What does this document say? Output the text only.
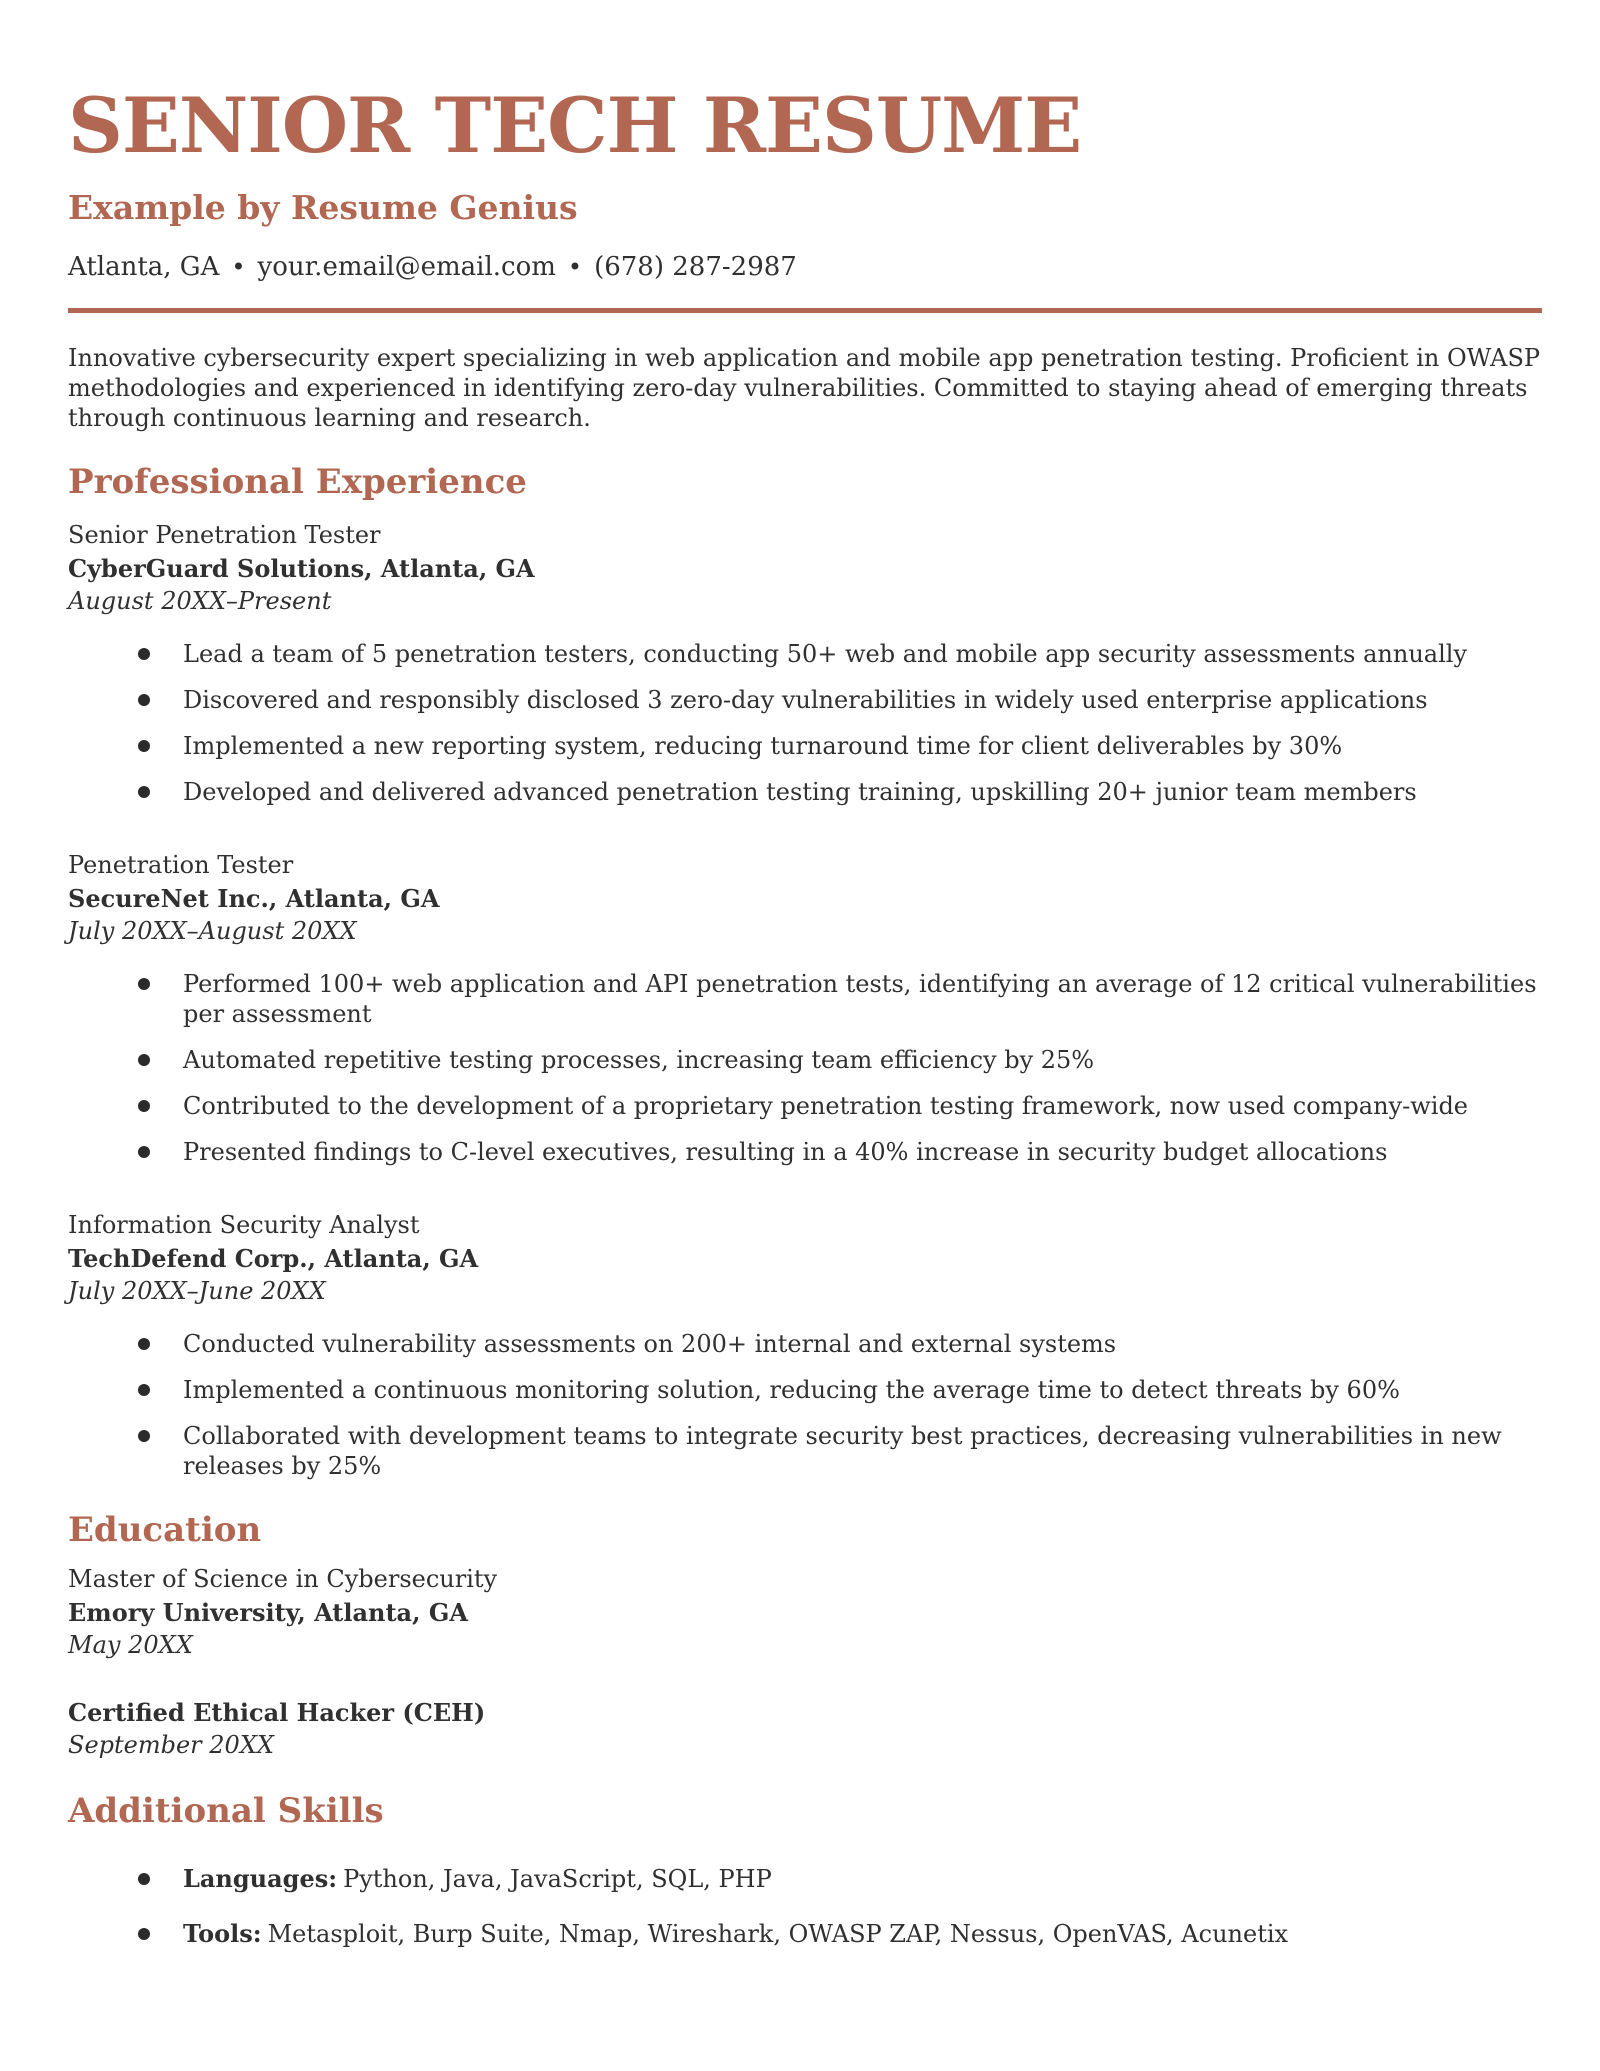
SENIOR TECH RESUME
Example by Resume Genius
Atlanta, GA • your.email@email.com • (678) 287-2987

Innovative cybersecurity expert specializing in web application and mobile app penetration testing. Proficient in OWASP methodologies and experienced in identifying zero-day vulnerabilities. Committed to staying ahead of emerging threats through continuous learning and research.

Professional Experience
Senior Penetration Tester
CyberGuard Solutions, Atlanta, GA
August 20XX–Present
Lead a team of 5 penetration testers, conducting 50+ web and mobile app security assessments annually
Discovered and responsibly disclosed 3 zero-day vulnerabilities in widely used enterprise applications
Implemented a new reporting system, reducing turnaround time for client deliverables by 30%
Developed and delivered advanced penetration testing training, upskilling 20+ junior team members
Penetration Tester
SecureNet Inc., Atlanta, GA
July 20XX–August 20XX
Performed 100+ web application and API penetration tests, identifying an average of 12 critical vulnerabilities per assessment
Automated repetitive testing processes, increasing team efficiency by 25%
Contributed to the development of a proprietary penetration testing framework, now used company-wide
Presented findings to C-level executives, resulting in a 40% increase in security budget allocations
Information Security Analyst
TechDefend Corp., Atlanta, GA
July 20XX–June 20XX
Conducted vulnerability assessments on 200+ internal and external systems
Implemented a continuous monitoring solution, reducing the average time to detect threats by 60%
Collaborated with development teams to integrate security best practices, decreasing vulnerabilities in new releases by 25%
Education
Master of Science in Cybersecurity
Emory University, Atlanta, GA
May 20XX
Certified Ethical Hacker (CEH)
September 20XX
Additional Skills
Languages: Python, Java, JavaScript, SQL, PHP
Tools: Metasploit, Burp Suite, Nmap, Wireshark, OWASP ZAP, Nessus, OpenVAS, Acunetix
